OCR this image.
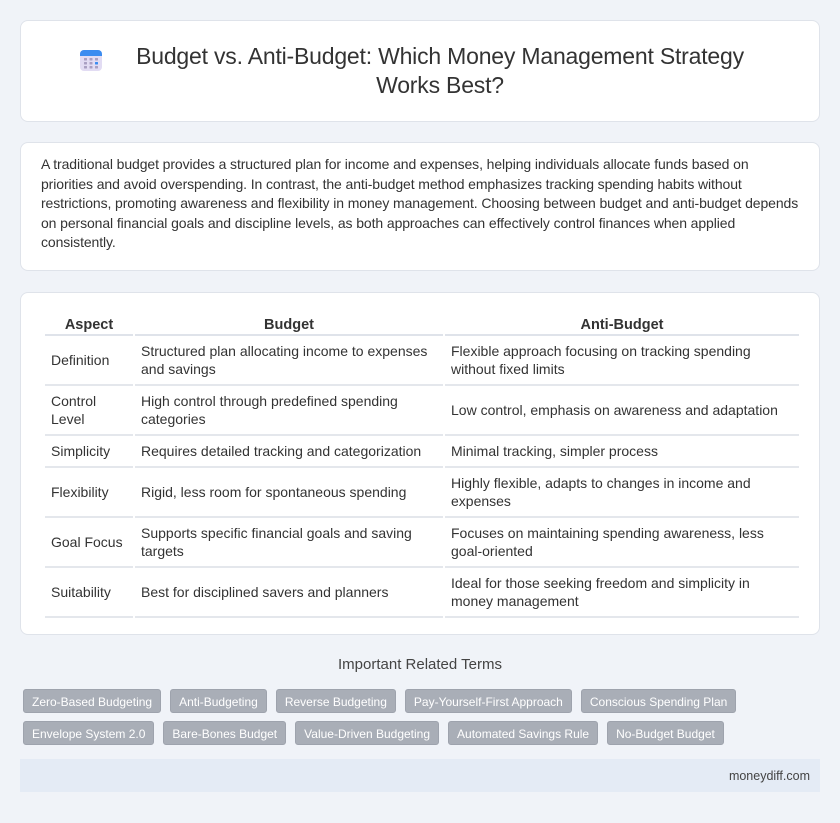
Budget vs. Anti-Budget: Which Money Management Strategy Works Best?

A traditional budget provides a structured plan for income and expenses, helping individuals allocate funds based on priorities and avoid overspending. In contrast, the anti-budget method emphasizes tracking spending habits without restrictions, promoting awareness and flexibility in money management. Choosing between budget and anti-budget depends on personal financial goals and discipline levels, as both approaches can effectively control finances when applied consistently.

Aspect	Budget	Anti-Budget
Definition	Structured plan allocating income to expenses and savings	Flexible approach focusing on tracking spending without fixed limits
Control Level	High control through predefined spending categories	Low control, emphasis on awareness and adaptation
Simplicity	Requires detailed tracking and categorization	Minimal tracking, simpler process
Flexibility	Rigid, less room for spontaneous spending	Highly flexible, adapts to changes in income and expenses
Goal Focus	Supports specific financial goals and saving targets	Focuses on maintaining spending awareness, less goal-oriented
Suitability	Best for disciplined savers and planners	Ideal for those seeking freedom and simplicity in money management
Important Related Terms
Zero-Based Budgeting	Anti-Budgeting	Reverse Budgeting	Pay-Yourself-First Approach	Conscious Spending Plan
Envelope System 2.0	Bare-Bones Budget	Value-Driven Budgeting	Automated Savings Rule	No-Budget Budget
moneydiff.com
